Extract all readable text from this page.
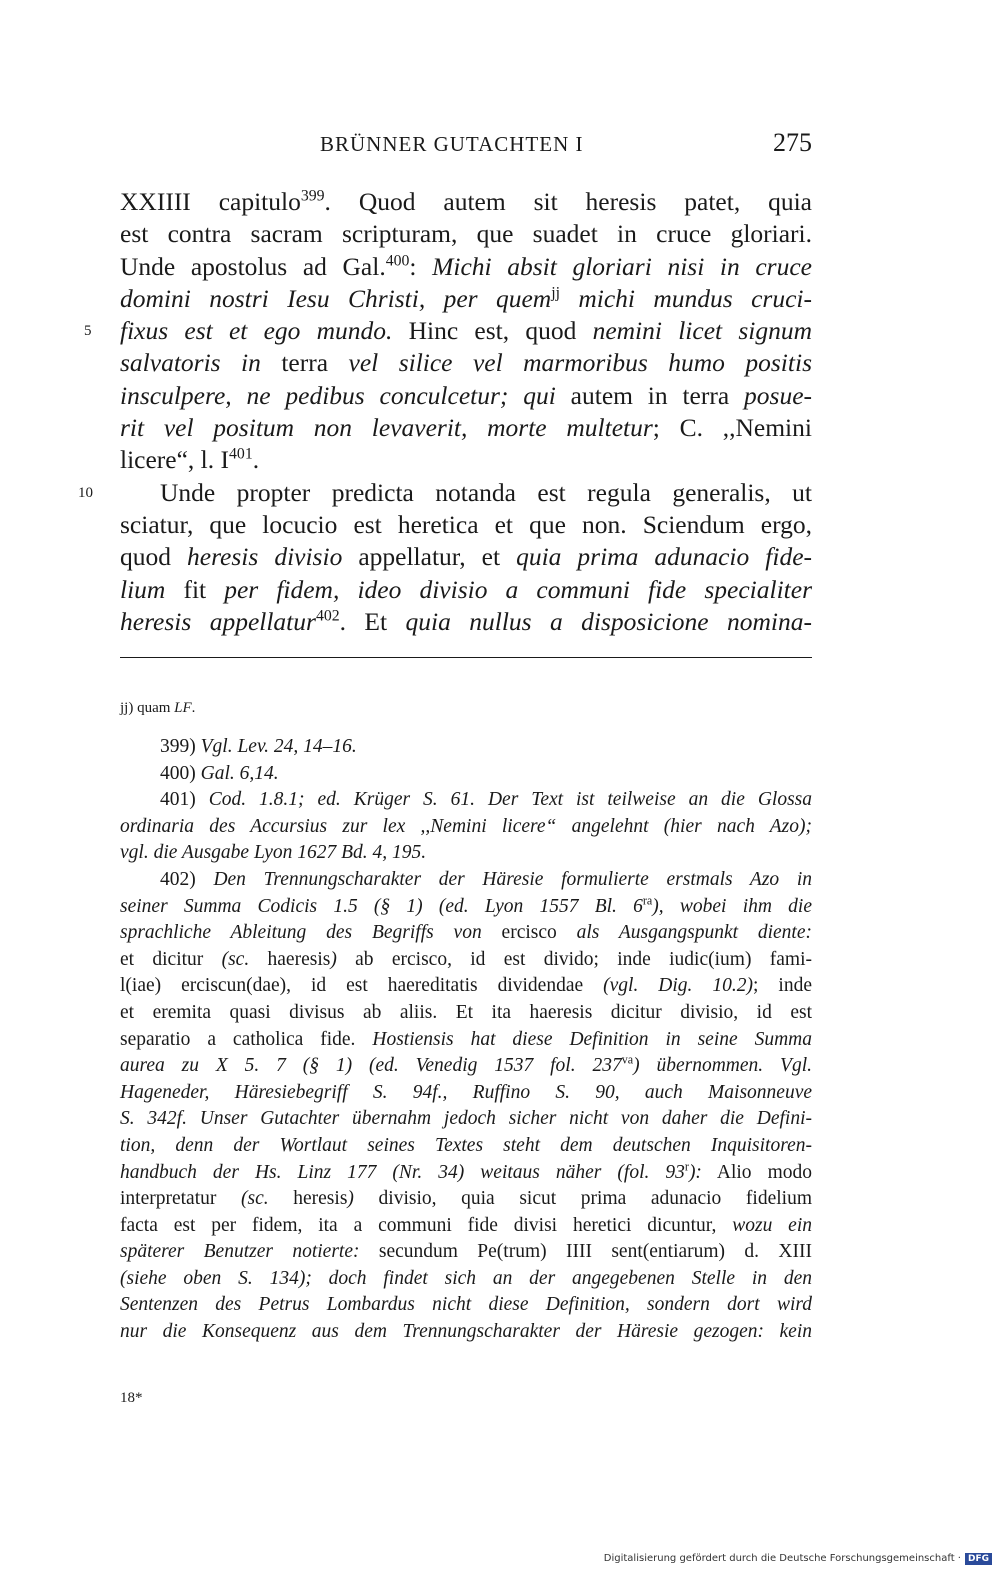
BRÜNNER GUTACHTEN I	275
XXIIII capitulo$^{399}$. Quod autem sit heresis patet, quia
est contra sacram scripturam, que suadet in cruce gloriari.
Unde apostolus ad Gal.$^{400}$: Michi absit gloriari nisi in cruce
domini nostri Iesu Christi, per quem$^{jj}$ michi mundus cruci-
5 fixus est et ego mundo. Hinc est, quod nemini licet signum
salvatoris in terra vel silice vel marmoribus humo positis
insculpere, ne pedibus conculcetur; qui autem in terra posue-
rit vel positum non levaverit, morte multetur; C. ,,Nemini
licere“, l. $I^{401}$.
10	Unde propter predicta notanda est regula generalis, ut
sciatur, que locucio est heretica et que non. Sciendum ergo,
quod heresis divisio appellatur, et quia prima adunacio fide-
lium fit per fidem, ideo divisio a communi fide specialiter
heresis appellatur$^{402}$. Et quia nullus a disposicione nomina-
jj) quam LF.
399) Vgl. Lev. 24, 14–16.
400) Gal. 6,14.
401) Cod. 1.8.1; ed. Krüger S. 61. Der Text ist teilweise an die Glossa
ordinaria des Accursius zur lex ,,Nemini licere“ angelehnt (hier nach Azo);
vgl. die Ausgabe Lyon 1627 Bd. 4, 195.
402) Den Trennungscharakter der Häresie formulierte erstmals Azo in
seiner Summa Codicis 1.5 (§ 1) (ed. Lyon 1557 Bl. $6^{ra}$), wobei ihm die
sprachliche Ableitung des Begriffs von ercisco als Ausgangspunkt diente:
et dicitur (sc. haeresis) ab ercisco, id est divido; inde iudic(ium) fami-
l(iae) erciscun(dae), id est haereditatis dividendae (vgl. Dig. 10.2); inde
et eremita quasi divisus ab aliis. Et ita haeresis dicitur divisio, id est
separatio a catholica fide. Hostiensis hat diese Definition in seine Summa
aurea zu X 5. 7 (§ 1) (ed. Venedig 1537 fol. $237^{va}$) übernommen. Vgl.
Hageneder, Häresiebegriff S. 94f., Ruffino S. 90, auch Maisonneuve
S. 342f. Unser Gutachter übernahm jedoch sicher nicht von daher die Defini-
tion, denn der Wortlaut seines Textes steht dem deutschen Inquisitoren-
handbuch der Hs. Linz 177 (Nr. 34) weitaus näher (fol. 93$^r$): Alio modo
interpretatur (sc. heresis) divisio, quia sicut prima adunacio fidelium
facta est per fidem, ita a communi fide divisi heretici dicuntur, wozu ein
späterer Benutzer notierte: secundum Pe(trum) IIII sent(entiarum) d. XIII
(siehe oben S. 134); doch findet sich an der angegebenen Stelle in den
Sentenzen des Petrus Lombardus nicht diese Definition, sondern dort wird
nur die Konsequenz aus dem Trennungscharakter der Häresie gezogen: kein
18*
Digitalisierung gefördert durch die Deutsche Forschungsgemeinschaft · DFG
